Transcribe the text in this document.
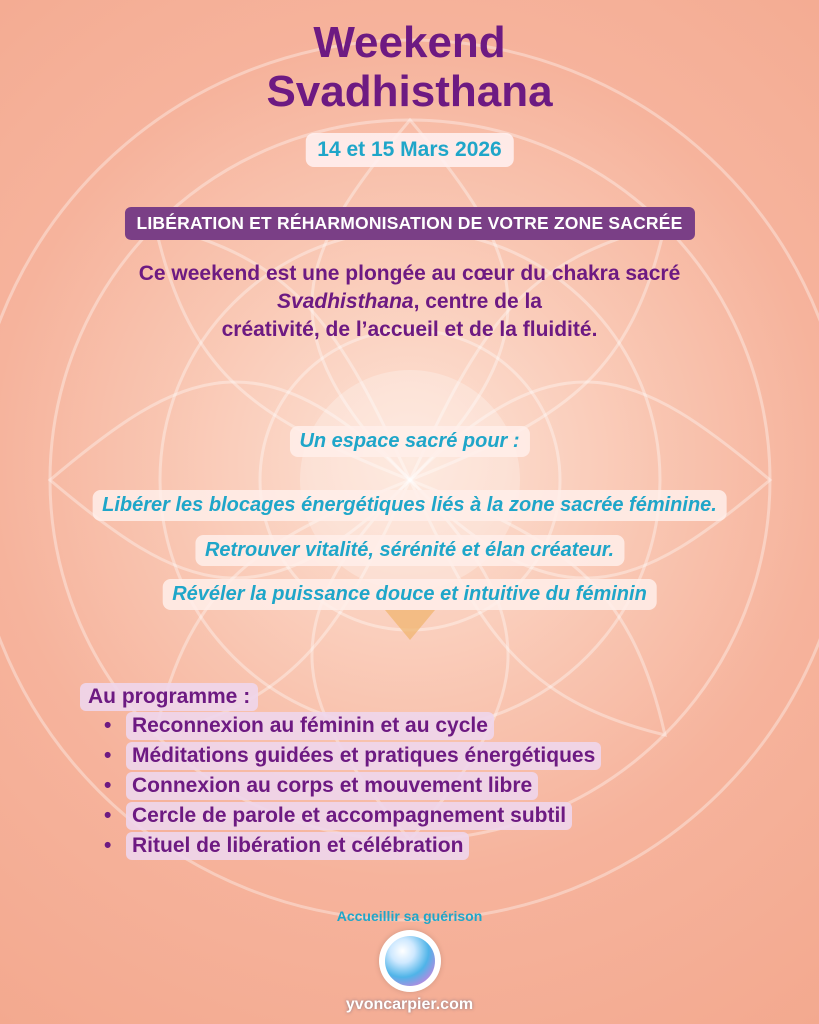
Weekend
Svadhisthana
14 et 15 Mars 2026
LIBÉRATION ET RÉHARMONISATION DE VOTRE ZONE SACRÉE
Ce weekend est une plongée au cœur du chakra sacré
Svadhisthana, centre de la
créativité, de l’accueil et de la fluidité.
Un espace sacré pour :
Libérer les blocages énergétiques liés à la zone sacrée féminine.
Retrouver vitalité, sérénité et élan créateur.
Révéler la puissance douce et intuitive du féminin
Au programme :
• Reconnexion au féminin et au cycle
• Méditations guidées et pratiques énergétiques
• Connexion au corps et mouvement libre
• Cercle de parole et accompagnement subtil
• Rituel de libération et célébration
Accueillir sa guérison
yvoncarpier.com
